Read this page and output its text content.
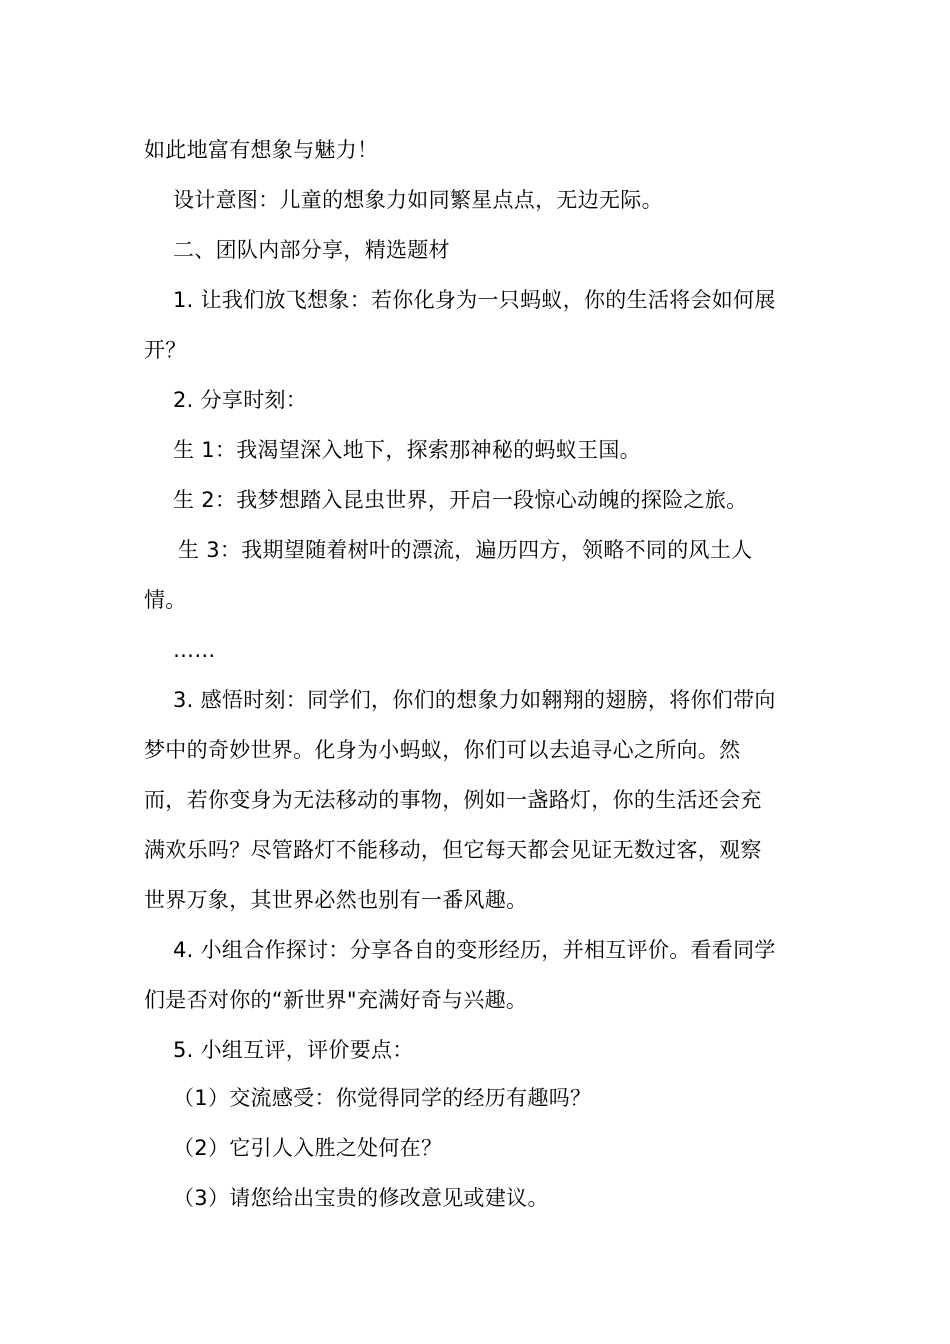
如此地富有想象与魅力！
设计意图：儿童的想象力如同繁星点点，无边无际。
二、团队内部分享，精选题材
1. 让我们放飞想象：若你化身为一只蚂蚁，你的生活将会如何展
开？
2. 分享时刻：
生 1：我渴望深入地下，探索那神秘的蚂蚁王国。
生 2：我梦想踏入昆虫世界，开启一段惊心动魄的探险之旅。
生 3：我期望随着树叶的漂流，遍历四方，领略不同的风土人
情。
……
3. 感悟时刻：同学们，你们的想象力如翱翔的翅膀，将你们带向
梦中的奇妙世界。化身为小蚂蚁，你们可以去追寻心之所向。然
而，若你变身为无法移动的事物，例如一盏路灯，你的生活还会充
满欢乐吗？尽管路灯不能移动，但它每天都会见证无数过客，观察
世界万象，其世界必然也别有一番风趣。
4. 小组合作探讨：分享各自的变形经历，并相互评价。看看同学
们是否对你的“新世界"充满好奇与兴趣。
5. 小组互评，评价要点：
（1）交流感受：你觉得同学的经历有趣吗？
（2）它引人入胜之处何在？
（3）请您给出宝贵的修改意见或建议。
